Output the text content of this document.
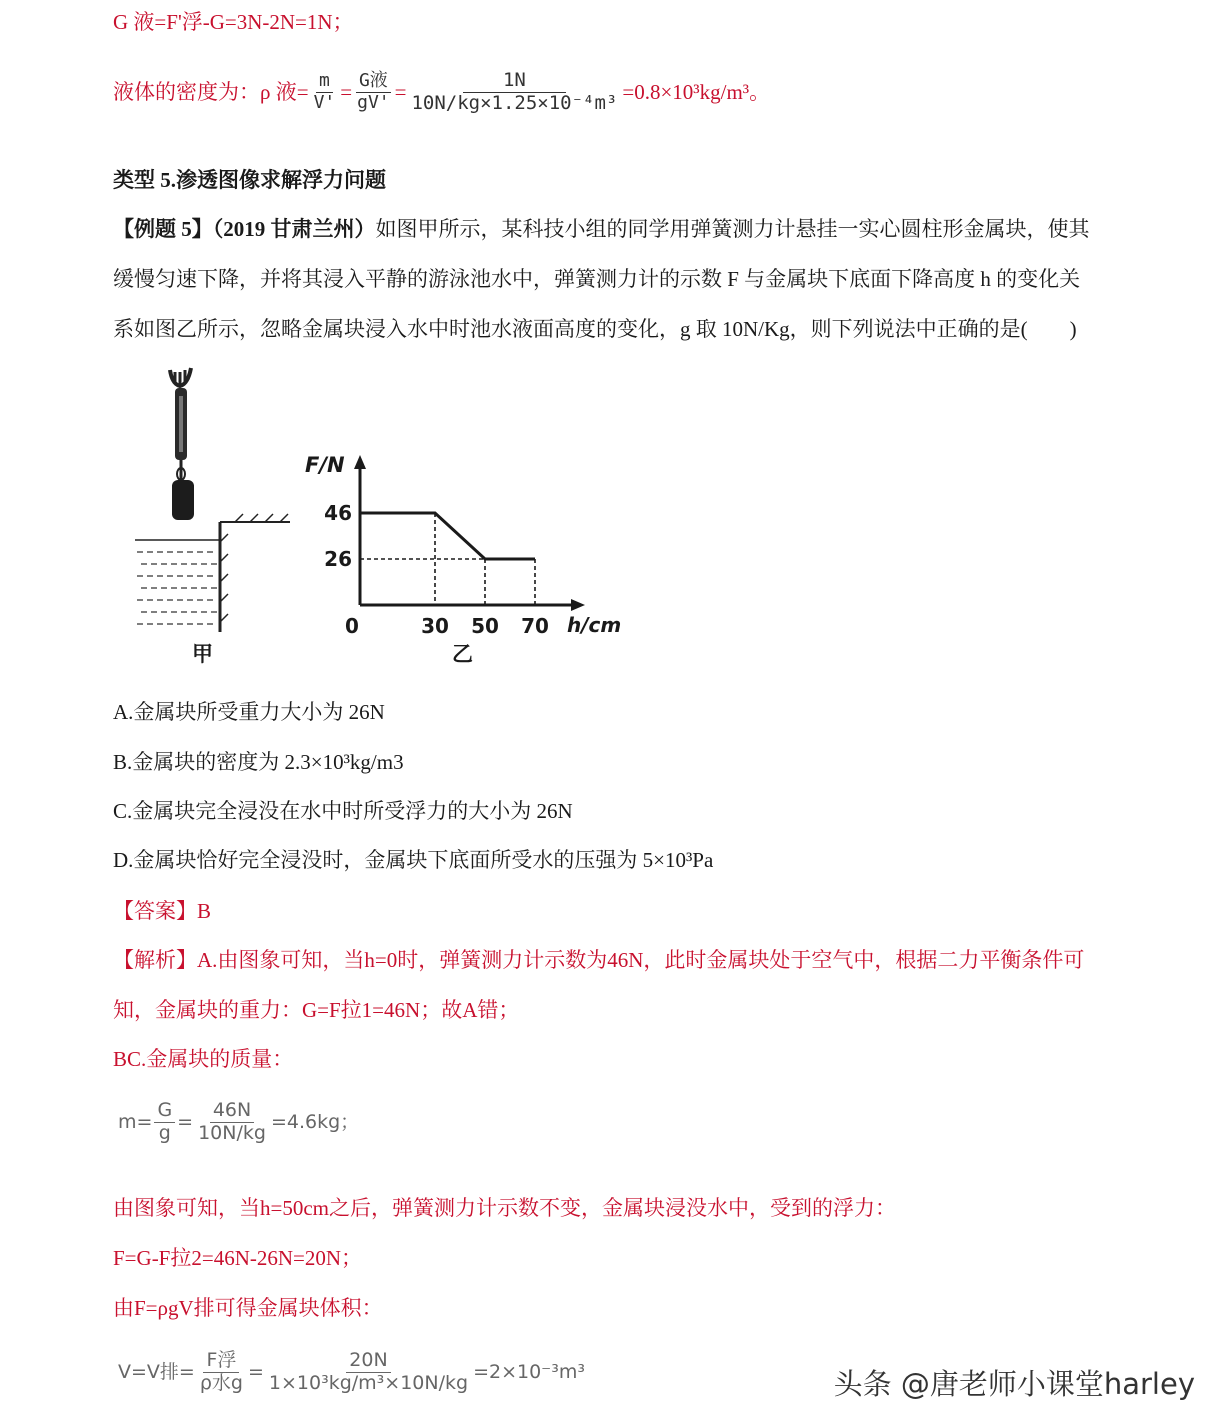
G 液=F'浮-G=3N-2N=1N；
液体的密度为：ρ 液= $\frac{m}{V'} = \frac{\text{G液}}{gV'} = \frac{1N}{\text{10N/kg×1.25×10⁻⁴m³}} =0.8\times 10^3kg/m^3$。
类型 5.渗透图像求解浮力问题
【例题 5】（2019 甘肃兰州）如图甲所示，某科技小组的同学用弹簧测力计悬挂一实心圆柱形金属块，使其
缓慢匀速下降，并将其浸入平静的游泳池水中，弹簧测力计的示数 F 与金属块下底面下降高度 h 的变化关
系如图乙所示，忽略金属块浸入水中时池水液面高度的变化，g 取 10N/Kg，则下列说法中正确的是(　　)
甲
0	30 50 70
46
26
F/N
h/cm
乙
A.金属块所受重力大小为 26N
B.金属块的密度为 2.3×10³kg/m3
C.金属块完全浸没在水中时所受浮力的大小为 26N
D.金属块恰好完全浸没时，金属块下底面所受水的压强为 5×10³Pa
【答案】B
【解析】A.由图象可知，当h=0时，弹簧测力计示数为46N，此时金属块处于空气中，根据二力平衡条件可
知，金属块的重力：G=F拉1=46N；故A错；
BC.金属块的质量：
$m= \frac{G}{g} = \frac{46N}{10N/kg} =4.6kg$；
由图象可知，当h=50cm之后，弹簧测力计示数不变，金属块浸没水中，受到的浮力：
F=G-F拉2=46N-26N=20N；
由F=ρgV排可得金属块体积：
V=V排= $\frac{\text{F浮}}{\text{ρ水g}} = \frac{20N}{\text{1×10³kg/m³×10N/kg}} =2\times 10^{-3}m^3$	头条 @唐老师小课堂harley
